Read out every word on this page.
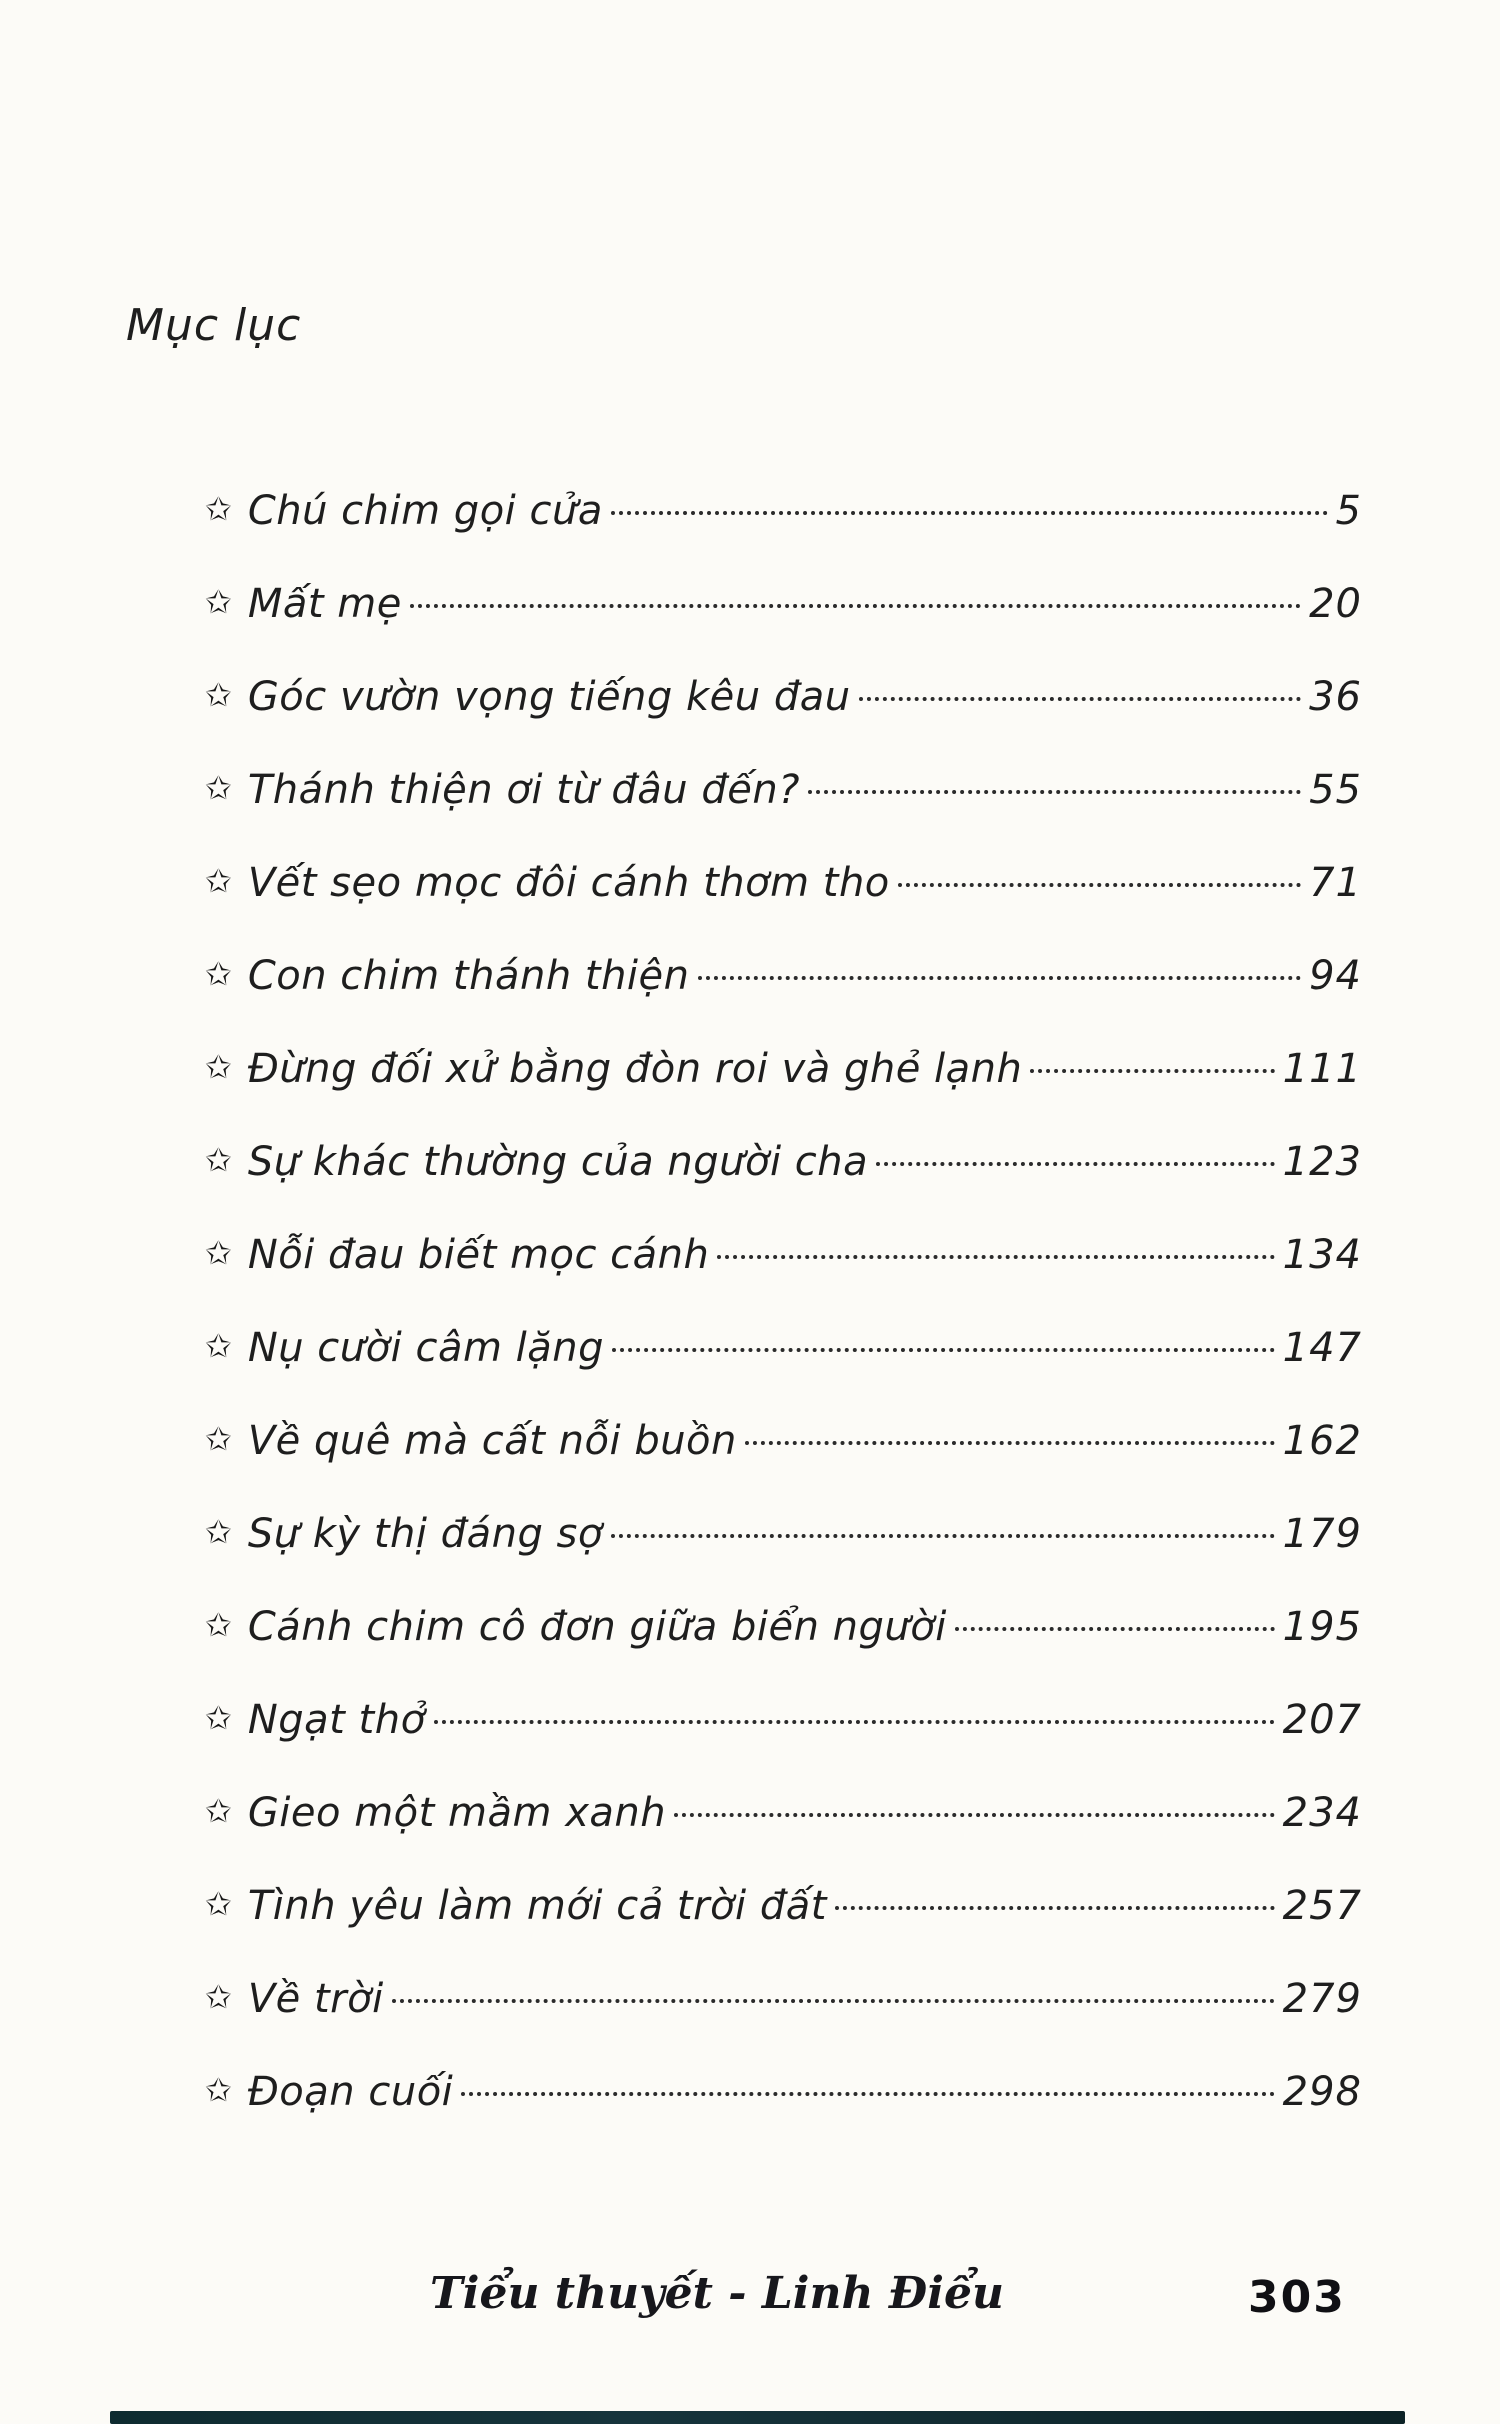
Mục lục
✩ Chú chim gọi cửa	5
✩ Mất mẹ	20
✩ Góc vườn vọng tiếng kêu đau	36
✩ Thánh thiện ơi từ đâu đến?	55
✩ Vết sẹo mọc đôi cánh thơm tho	71
✩ Con chim thánh thiện	94
✩ Đừng đối xử bằng đòn roi và ghẻ lạnh	111
✩ Sự khác thường của người cha	123
✩ Nỗi đau biết mọc cánh	134
✩ Nụ cười câm lặng	147
✩ Về quê mà cất nỗi buồn	162
✩ Sự kỳ thị đáng sợ	179
✩ Cánh chim cô đơn giữa biển người	195
✩ Ngạt thở	207
✩ Gieo một mầm xanh	234
✩ Tình yêu làm mới cả trời đất	257
✩ Về trời	279
✩ Đoạn cuối	298
Tiểu thuyết - Linh Điểu	303
